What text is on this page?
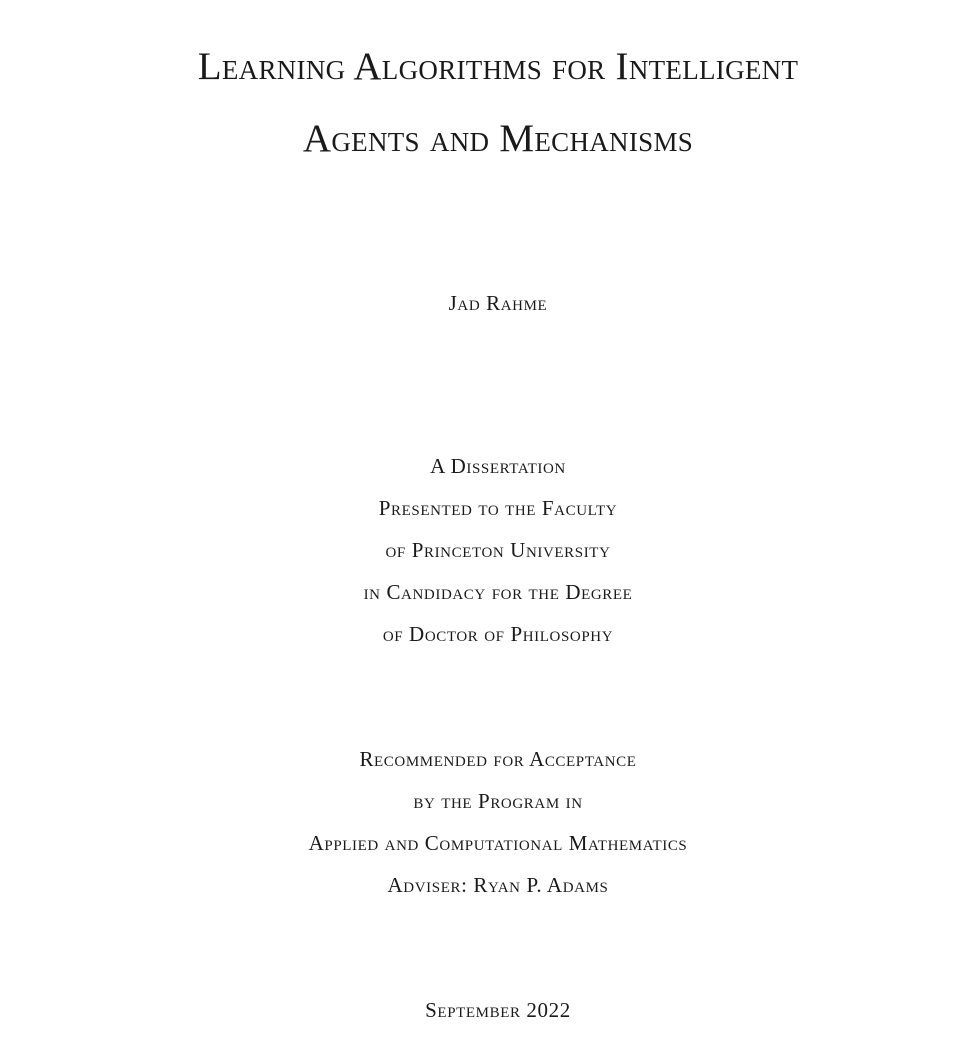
Learning Algorithms for Intelligent
Agents and Mechanisms
Jad Rahme
A Dissertation
Presented to the Faculty
of Princeton University
in Candidacy for the Degree
of Doctor of Philosophy
Recommended for Acceptance
by the Program in
Applied and Computational Mathematics
Adviser: Ryan P. Adams
September 2022
